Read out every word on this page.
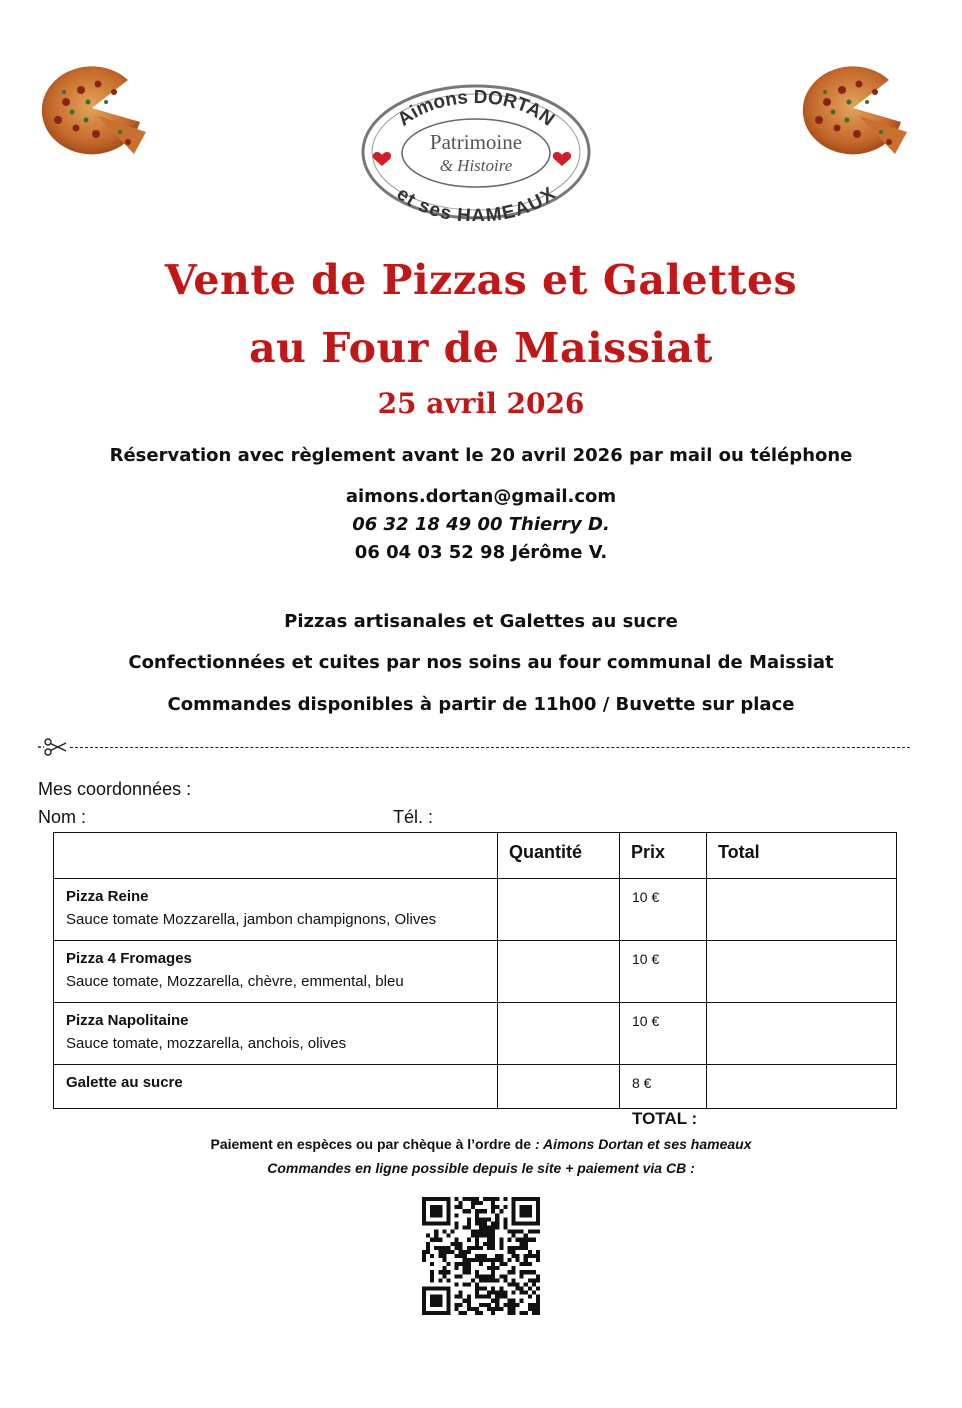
Aimons DORTAN
et ses HAMEAUX
Patrimoine
& Histoire
Vente de Pizzas et Galettes
au Four de Maissiat
25 avril 2026
Réservation avec règlement avant le 20 avril 2026 par mail ou téléphone
aimons.dortan@gmail.com
06 32 18 49 00 Thierry D.
06 04 03 52 98 Jérôme V.
Pizzas artisanales et Galettes au sucre
Confectionnées et cuites par nos soins au four communal de Maissiat
Commandes disponibles à partir de 11h00 / Buvette sur place
Mes coordonnées :
Nom :	Tél. :
	Quantité	Prix	Total

Pizza Reine
Sauce tomate Mozzarella, jambon champignons, Olives		10 €	

Pizza 4 Fromages
Sauce tomate, Mozzarella, chèvre, emmental, bleu		10 €	

Pizza Napolitaine
Sauce tomate, mozzarella, anchois, olives		10 €	

Galette au sucre		8 €	
TOTAL :
Paiement en espèces ou par chèque à l’ordre de : Aimons Dortan et ses hameaux
Commandes en ligne possible depuis le site + paiement via CB :
